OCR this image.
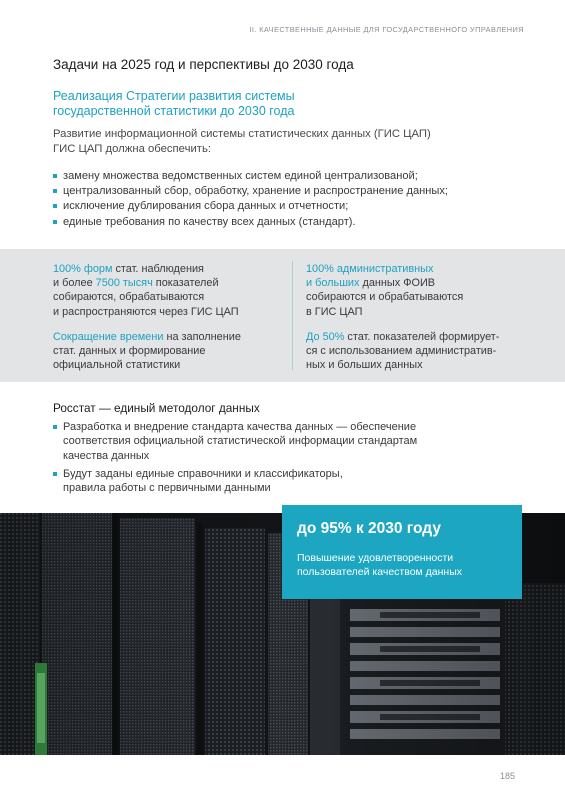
II. КАЧЕСТВЕННЫЕ ДАННЫЕ ДЛЯ ГОСУДАРСТВЕННОГО УПРАВЛЕНИЯ
Задачи на 2025 год и перспективы до 2030 года
Реализация Стратегии развития системы
государственной статистики до 2030 года
Развитие информационной системы статистических данных (ГИС ЦАП)
ГИС ЦАП должна обеспечить:
замену множества ведомственных систем единой централизованой;
централизованный сбор, обработку, хранение и распространение данных;
исключение дублирования сбора данных и отчетности;
единые требования по качеству всех данных (стандарт).
100% форм стат. наблюдения
и более 7500 тысяч показателей
собираются, обрабатываются
и распространяются через ГИС ЦАП
Сокращение времени на заполнение
стат. данных и формирование
официальной статистики
100% административных
и больших данных ФОИВ
собираются и обрабатываются
в ГИС ЦАП
До 50% стат. показателей формирует-
ся с использованием административ-
ных и больших данных
Росстат — единый методолог данных
Разработка и внедрение стандарта качества данных — обеспечение
соответствия официальной статистической информации стандартам
качества данных
Будут заданы единые справочники и классификаторы,
правила работы с первичными данными
до 95% к 2030 году
Повышение удовлетворенности
пользователей качеством данных
185
